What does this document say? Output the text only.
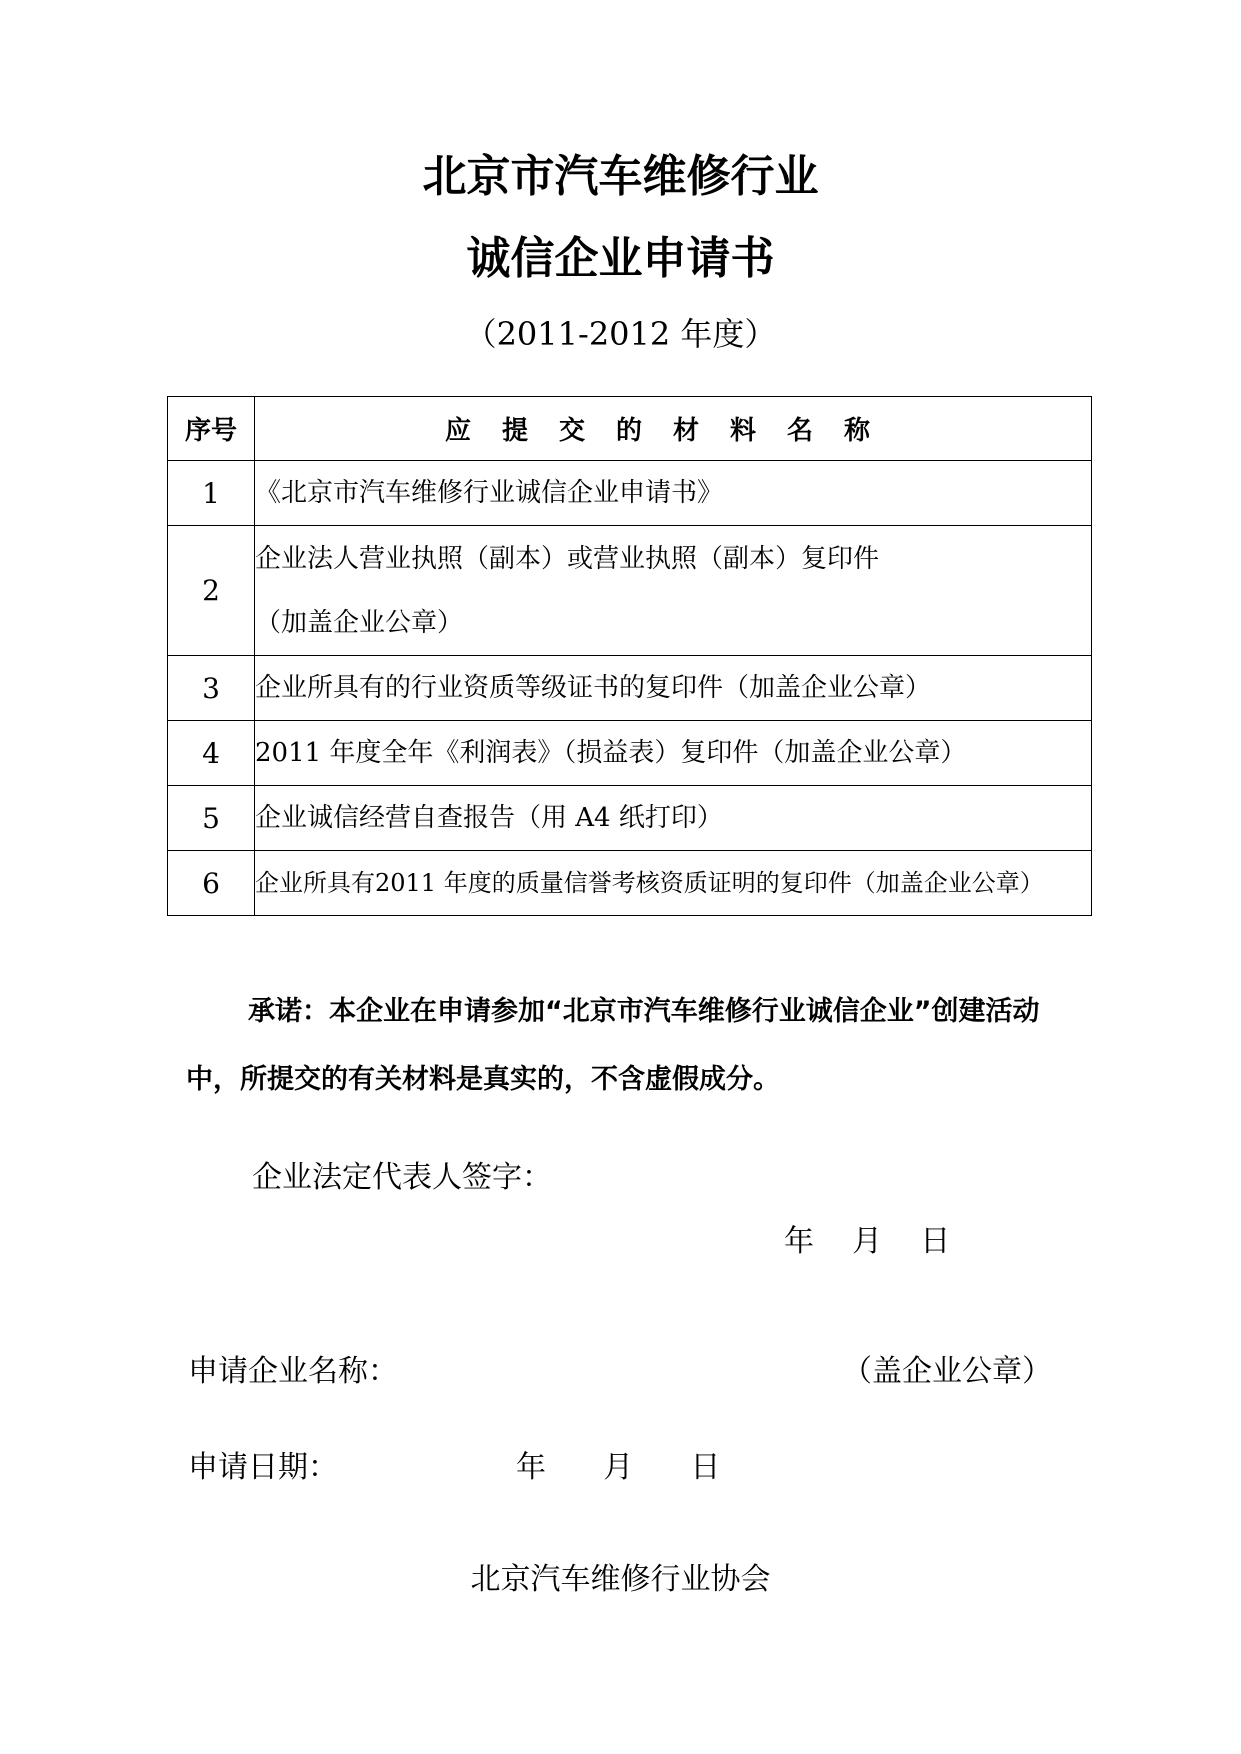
北京市汽车维修行业
诚信企业申请书

（2011-2012 年度）

序号	应提交的材料名称
1	《北京市汽车维修行业诚信企业申请书》

2	企业法人营业执照（副本）或营业执照（副本）复印件
（加盖企业公章）

3	企业所具有的行业资质等级证书的复印件（加盖企业公章）

4	2011 年度全年《利润表》（损益表）复印件（加盖企业公章）

5	企业诚信经营自查报告（用 A4 纸打印）

6	企业所具有2011 年度的质量信誉考核资质证明的复印件（加盖企业公章）

承诺：本企业在申请参加“北京市汽车维修行业诚信企业”创建活动中，所提交的有关材料是真实的，不含虚假成分。

企业法定代表人签字：

年    月    日

申请企业名称：	（盖企业公章）

申请日期：	年      月      日

北京汽车维修行业协会
